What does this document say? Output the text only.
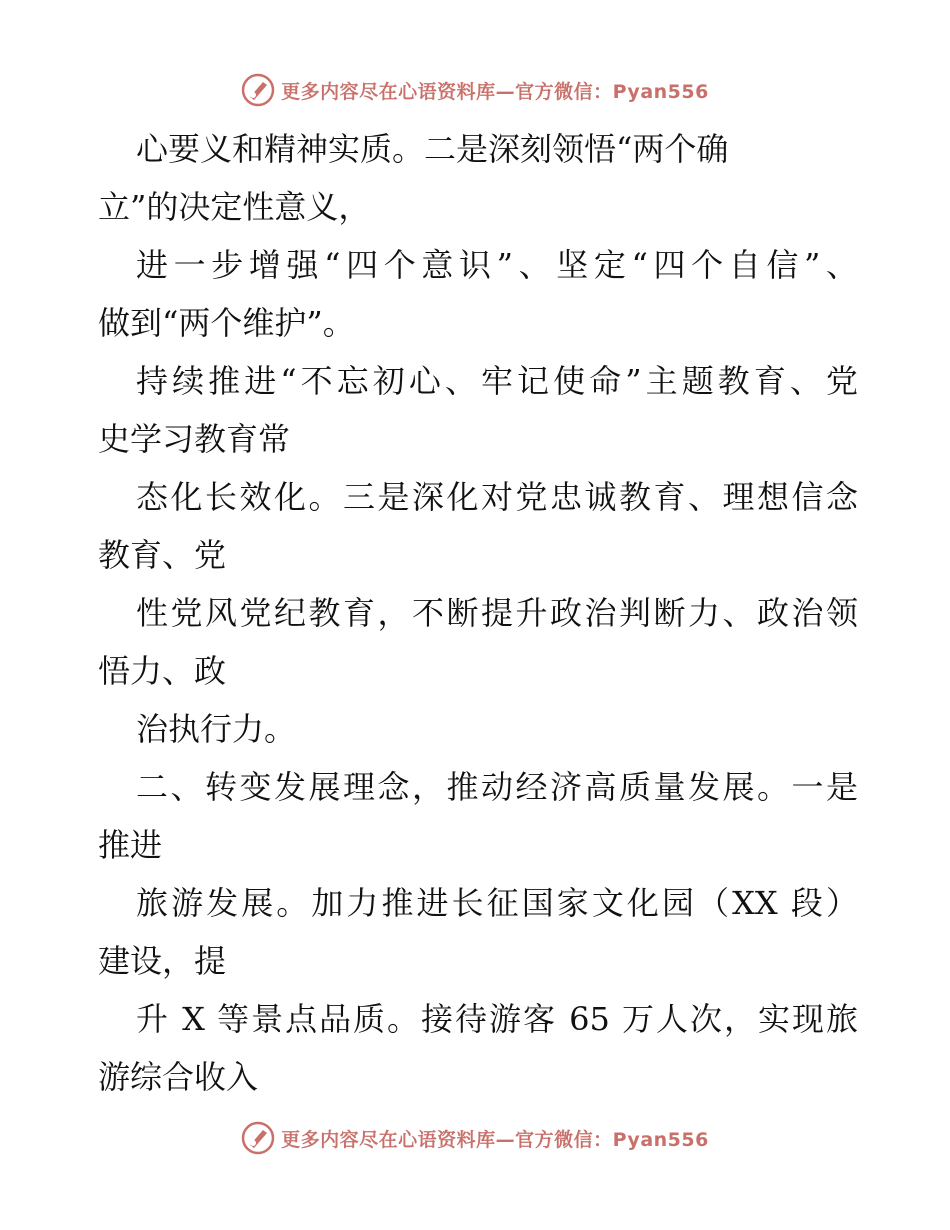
更多内容尽在心语资料库—官方微信：Pyan556
心要义和精神实质。二是深刻领悟“两个确
立”的决定性意义，
进一步增强“四个意识”、坚定“四个自信”、
做到“两个维护”。
持续推进“不忘初心、牢记使命”主题教育、党
史学习教育常
态化长效化。三是深化对党忠诚教育、理想信念
教育、党
性党风党纪教育，不断提升政治判断力、政治领
悟力、政
治执行力。
二、转变发展理念，推动经济高质量发展。一是
推进
旅游发展。加力推进长征国家文化园（XX 段）
建设，提
升 X 等景点品质。接待游客 65 万人次，实现旅
游综合收入
更多内容尽在心语资料库—官方微信：Pyan556
